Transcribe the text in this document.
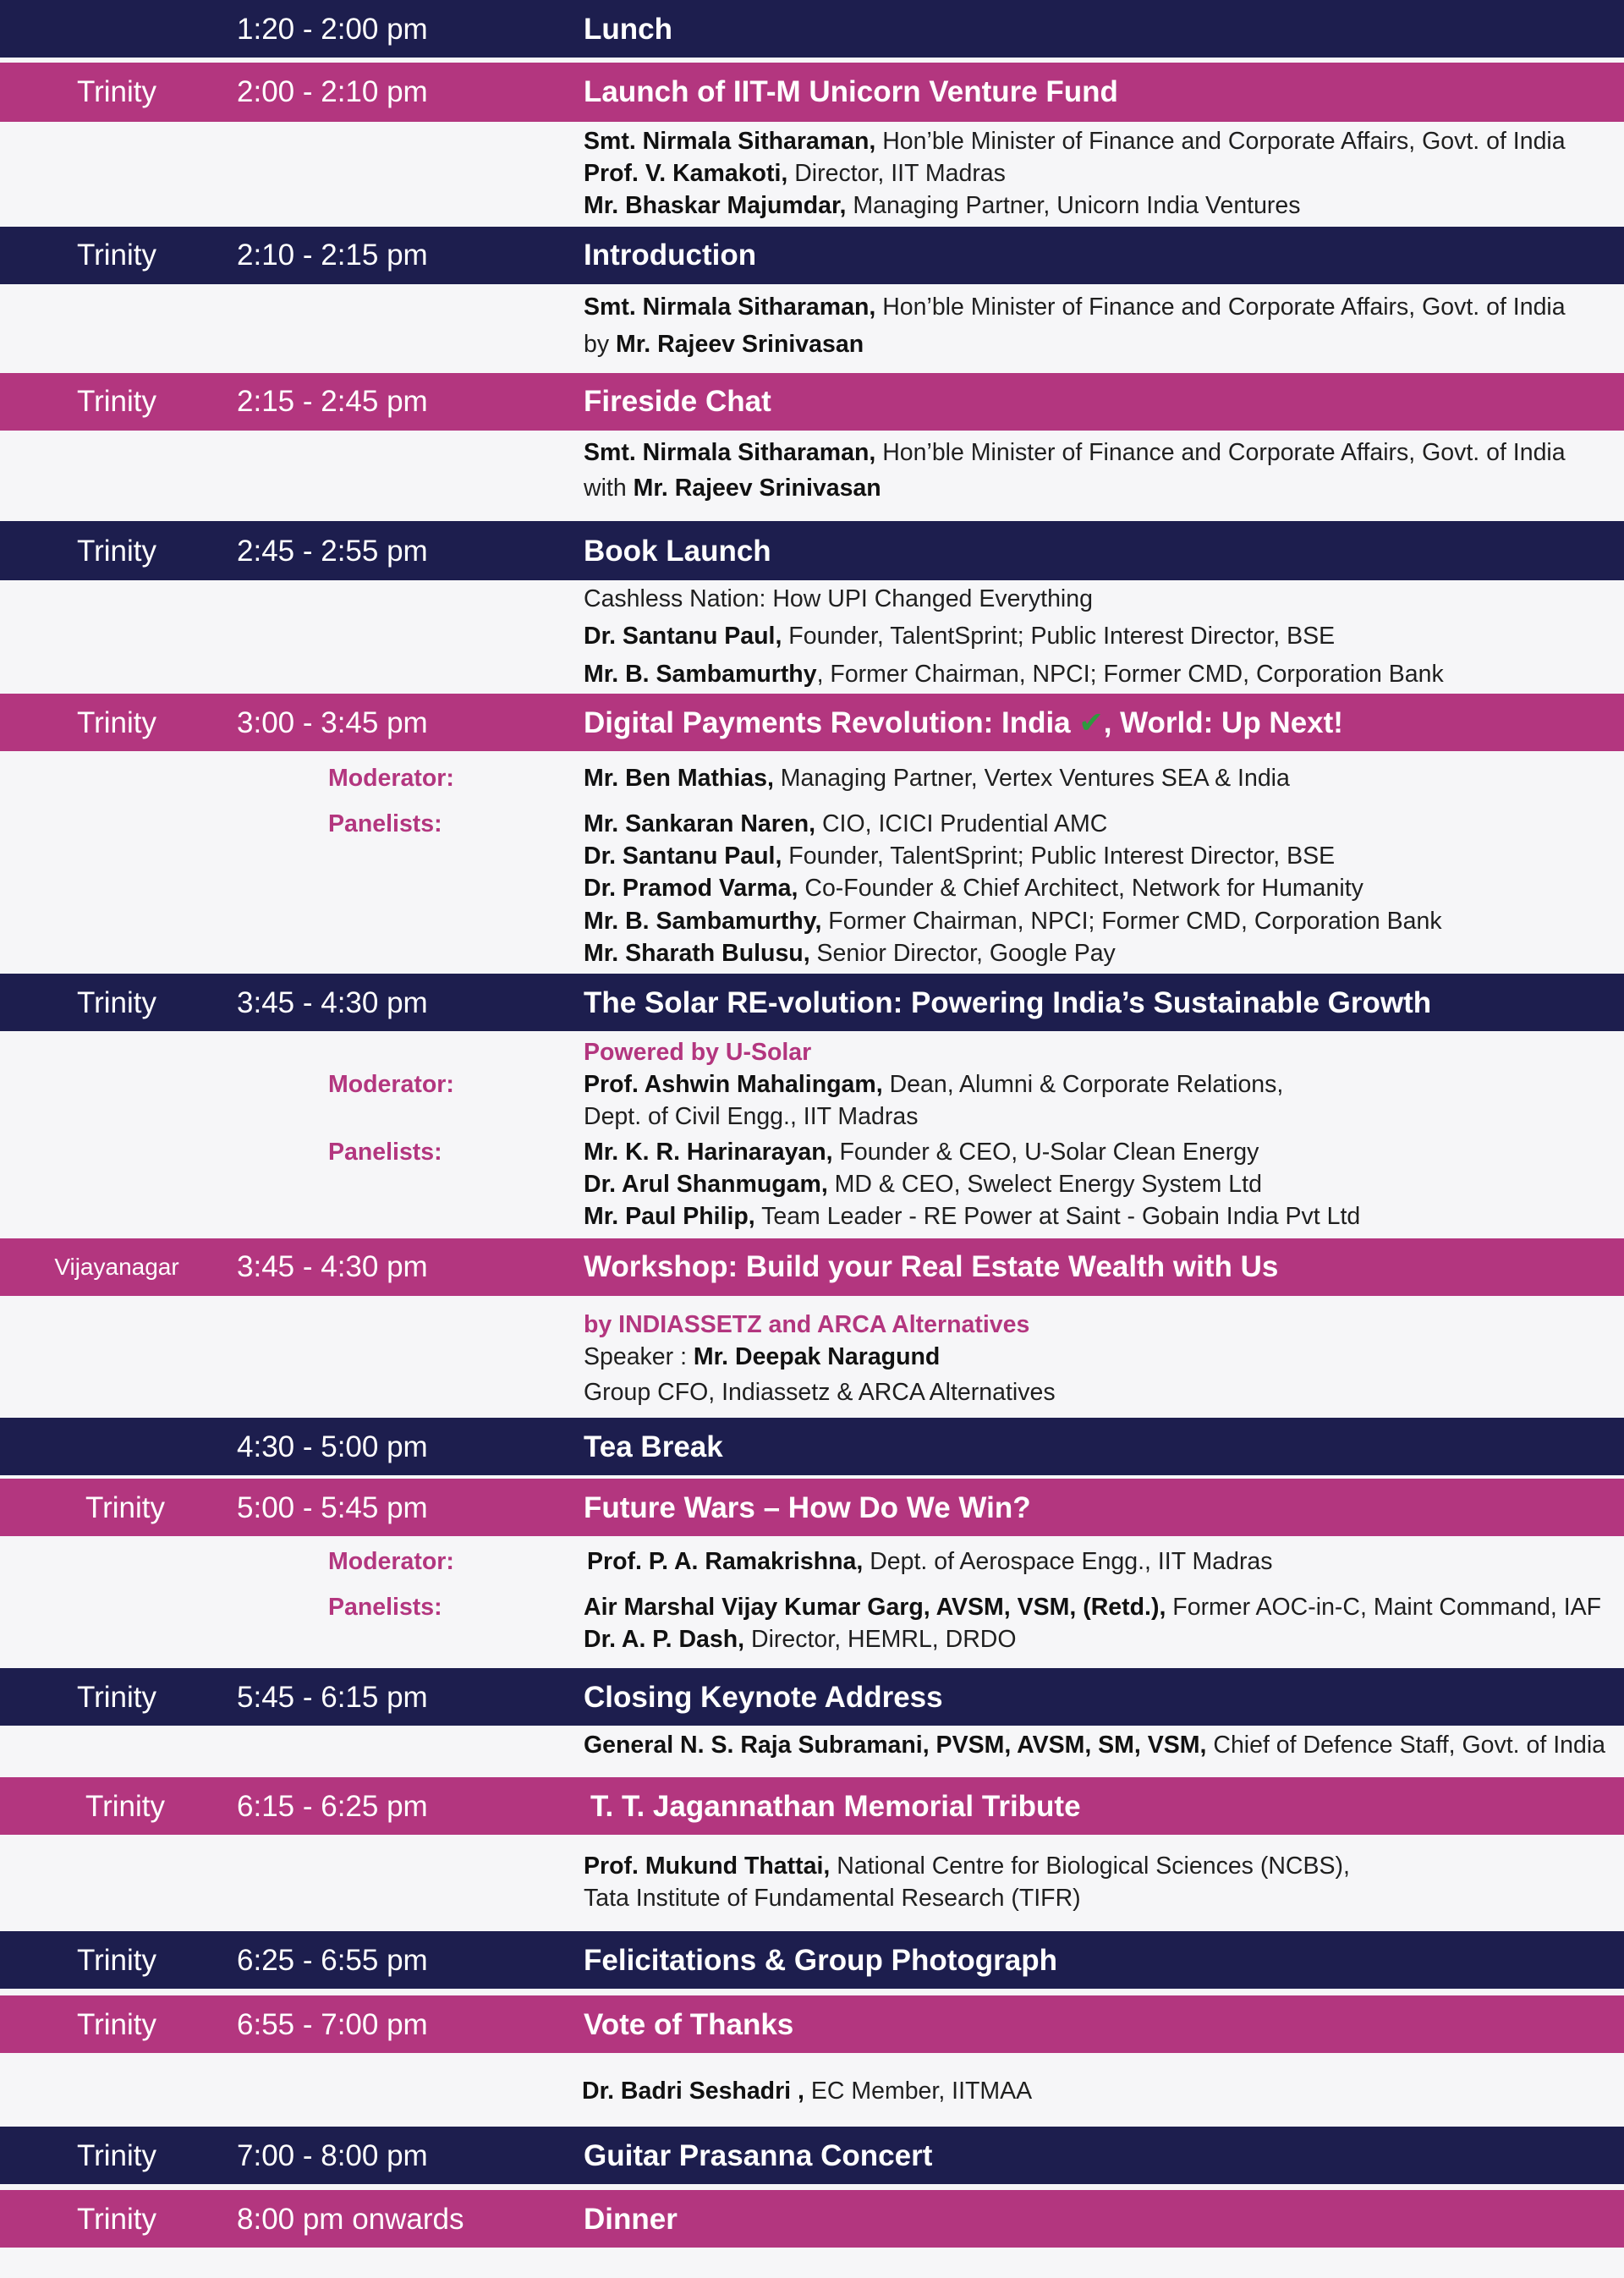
1:20 - 2:00 pm	Lunch
Trinity	2:00 - 2:10 pm	Launch of IIT-M Unicorn Venture Fund
Smt. Nirmala Sitharaman, Hon’ble Minister of Finance and Corporate Affairs, Govt. of India
Prof. V. Kamakoti, Director, IIT Madras
Mr. Bhaskar Majumdar, Managing Partner, Unicorn India Ventures
Trinity	2:10 - 2:15 pm	Introduction
Smt. Nirmala Sitharaman, Hon’ble Minister of Finance and Corporate Affairs, Govt. of India
by Mr. Rajeev Srinivasan
Trinity	2:15 - 2:45 pm	Fireside Chat
Smt. Nirmala Sitharaman, Hon’ble Minister of Finance and Corporate Affairs, Govt. of India
with Mr. Rajeev Srinivasan
Trinity	2:45 - 2:55 pm	Book Launch
Cashless Nation: How UPI Changed Everything
Dr. Santanu Paul, Founder, TalentSprint; Public Interest Director, BSE
Mr. B. Sambamurthy, Former Chairman, NPCI; Former CMD, Corporation Bank
Trinity	3:00 - 3:45 pm	Digital Payments Revolution: India ✔, World: Up Next!
Moderator:	Mr. Ben Mathias, Managing Partner, Vertex Ventures SEA & India
Panelists:	Mr. Sankaran Naren, CIO, ICICI Prudential AMC
Dr. Santanu Paul, Founder, TalentSprint; Public Interest Director, BSE
Dr. Pramod Varma, Co-Founder & Chief Architect, Network for Humanity
Mr. B. Sambamurthy, Former Chairman, NPCI; Former CMD, Corporation Bank
Mr. Sharath Bulusu, Senior Director, Google Pay
Trinity	3:45 - 4:30 pm	The Solar RE-volution: Powering India’s Sustainable Growth
Powered by U-Solar
Moderator:	Prof. Ashwin Mahalingam, Dean, Alumni & Corporate Relations,
Dept. of Civil Engg., IIT Madras
Panelists:	Mr. K. R. Harinarayan, Founder & CEO, U-Solar Clean Energy
Dr. Arul Shanmugam, MD & CEO, Swelect Energy System Ltd
Mr. Paul Philip, Team Leader - RE Power at Saint - Gobain India Pvt Ltd
Vijayanagar	3:45 - 4:30 pm	Workshop: Build your Real Estate Wealth with Us
by INDIASSETZ and ARCA Alternatives
Speaker : Mr. Deepak Naragund
Group CFO, Indiassetz & ARCA Alternatives
4:30 - 5:00 pm	Tea Break
Trinity	5:00 - 5:45 pm	Future Wars – How Do We Win?
Moderator:	Prof. P. A. Ramakrishna, Dept. of Aerospace Engg., IIT Madras
Panelists:	Air Marshal Vijay Kumar Garg, AVSM, VSM, (Retd.), Former AOC-in-C, Maint Command, IAF
Dr. A. P. Dash, Director, HEMRL, DRDO
Trinity	5:45 - 6:15 pm	Closing Keynote Address
General N. S. Raja Subramani, PVSM, AVSM, SM, VSM, Chief of Defence Staff, Govt. of India
Trinity	6:15 - 6:25 pm	T. T. Jagannathan Memorial Tribute
Prof. Mukund Thattai, National Centre for Biological Sciences (NCBS),
Tata Institute of Fundamental Research (TIFR)
Trinity	6:25 - 6:55 pm	Felicitations & Group Photograph
Trinity	6:55 - 7:00 pm	Vote of Thanks
Dr. Badri Seshadri , EC Member, IITMAA
Trinity	7:00 - 8:00 pm	Guitar Prasanna Concert
Trinity	8:00 pm onwards	Dinner
